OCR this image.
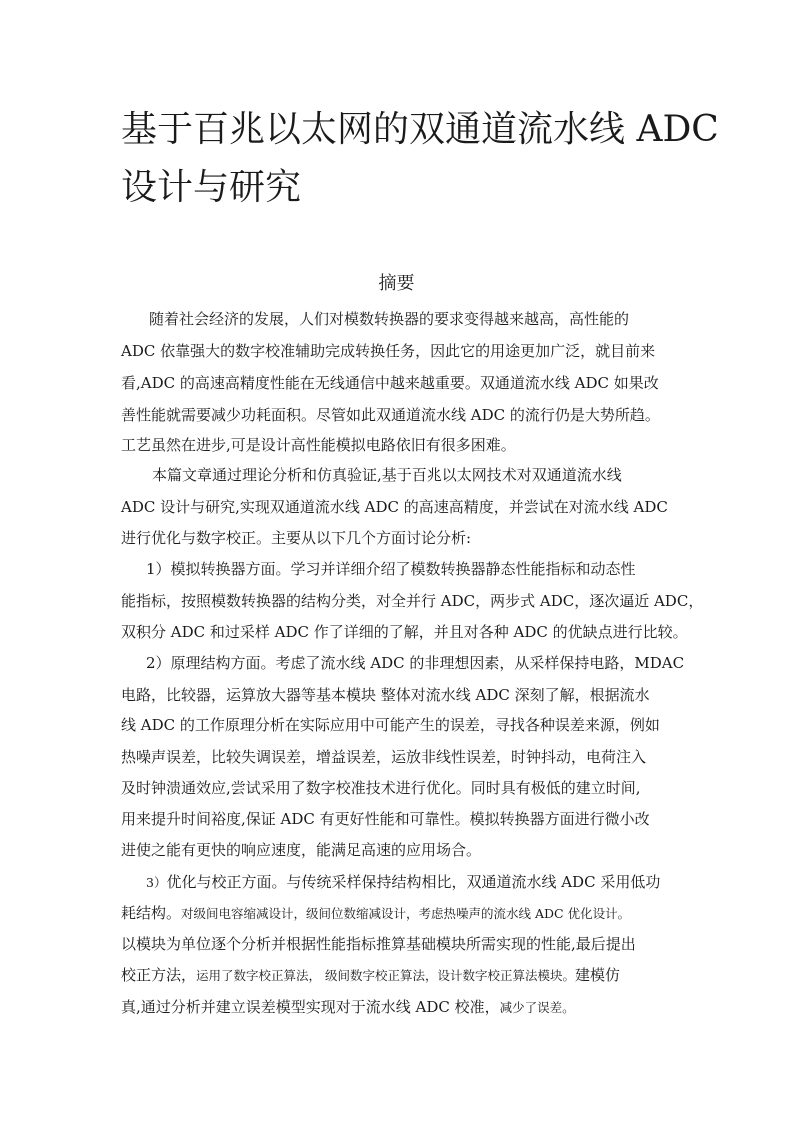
基于百兆以太网的双通道流水线 ADC
设计与研究
摘要
随着社会经济的发展，人们对模数转换器的要求变得越来越高，高性能的
ADC 依靠强大的数字校准辅助完成转换任务，因此它的用途更加广泛，就目前来
看,ADC 的高速高精度性能在无线通信中越来越重要。双通道流水线 ADC 如果改
善性能就需要减少功耗面积。尽管如此双通道流水线 ADC 的流行仍是大势所趋。
工艺虽然在进步,可是设计高性能模拟电路依旧有很多困难。
本篇文章通过理论分析和仿真验证,基于百兆以太网技术对双通道流水线
ADC 设计与研究,实现双通道流水线 ADC 的高速高精度，并尝试在对流水线 ADC
进行优化与数字校正。主要从以下几个方面讨论分析:
1）模拟转换器方面。学习并详细介绍了模数转换器静态性能指标和动态性
能指标，按照模数转换器的结构分类，对全并行 ADC，两步式 ADC，逐次逼近 ADC，
双积分 ADC 和过采样 ADC 作了详细的了解，并且对各种 ADC 的优缺点进行比较。
2）原理结构方面。考虑了流水线 ADC 的非理想因素，从采样保持电路，MDAC
电路，比较器，运算放大器等基本模块 整体对流水线 ADC 深刻了解，根据流水
线 ADC 的工作原理分析在实际应用中可能产生的误差，寻找各种误差来源，例如
热噪声误差，比较失调误差，增益误差，运放非线性误差，时钟抖动，电荷注入
及时钟溃通效应,尝试采用了数字校准技术进行优化。同时具有极低的建立时间,
用来提升时间裕度,保证 ADC 有更好性能和可靠性。模拟转换器方面进行微小改
进使之能有更快的响应速度，能满足高速的应用场合。
3）优化与校正方面。与传统采样保持结构相比，双通道流水线 ADC 采用低功
耗结构。对级间电容缩减设计，级间位数缩减设计，考虑热噪声的流水线 ADC 优化设计。
以模块为单位逐个分析并根据性能指标推算基础模块所需实现的性能,最后提出
校正方法，运用了数字校正算法， 级间数字校正算法，设计数字校正算法模块。建模仿
真,通过分析并建立误差模型实现对于流水线 ADC 校准，减少了误差。
